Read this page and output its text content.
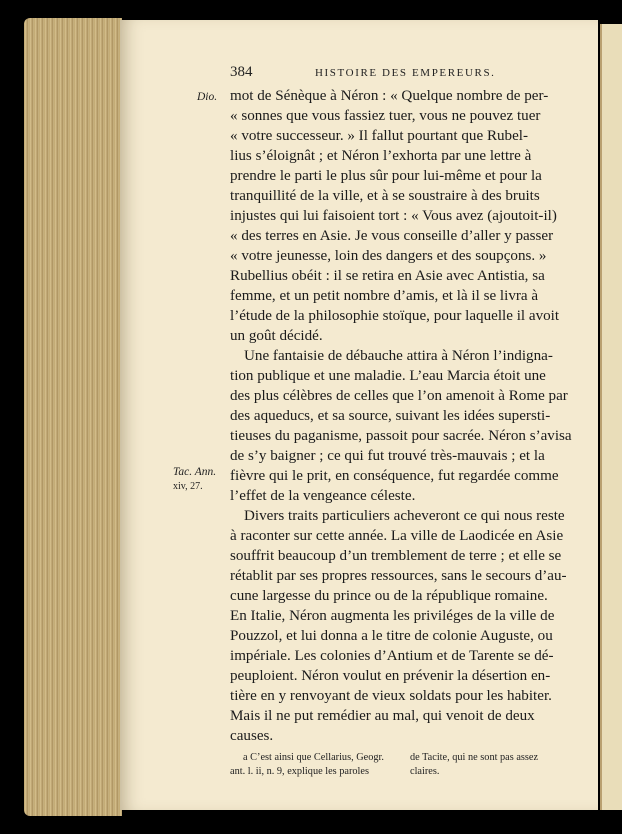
384	HISTOIRE DES EMPEREURS.
Dio.
Tac. Ann.
xiv, 27.
mot de Sénèque à Néron : « Quelque nombre de per-
« sonnes que vous fassiez tuer, vous ne pouvez tuer
« votre successeur. » Il fallut pourtant que Rubel-
lius s’éloignât ; et Néron l’exhorta par une lettre à
prendre le parti le plus sûr pour lui-même et pour la
tranquillité de la ville, et à se soustraire à des bruits
injustes qui lui faisoient tort : « Vous avez (ajoutoit-il)
« des terres en Asie. Je vous conseille d’aller y passer
« votre jeunesse, loin des dangers et des soupçons. »
Rubellius obéit : il se retira en Asie avec Antistia, sa
femme, et un petit nombre d’amis, et là il se livra à
l’étude de la philosophie stoïque, pour laquelle il avoit
un goût décidé.
Une fantaisie de débauche attira à Néron l’indigna-
tion publique et une maladie. L’eau Marcia étoit une
des plus célèbres de celles que l’on amenoit à Rome par
des aqueducs, et sa source, suivant les idées supersti-
tieuses du paganisme, passoit pour sacrée. Néron s’avisa
de s’y baigner ; ce qui fut trouvé très-mauvais ; et la
fièvre qui le prit, en conséquence, fut regardée comme
l’effet de la vengeance céleste.
Divers traits particuliers acheveront ce qui nous reste
à raconter sur cette année. La ville de Laodicée en Asie
souffrit beaucoup d’un tremblement de terre ; et elle se
rétablit par ses propres ressources, sans le secours d’au-
cune largesse du prince ou de la république romaine.
En Italie, Néron augmenta les priviléges de la ville de
Pouzzol, et lui donna a le titre de colonie Auguste, ou
impériale. Les colonies d’Antium et de Tarente se dé-
peuploient. Néron voulut en prévenir la désertion en-
tière en y renvoyant de vieux soldats pour les habiter.
Mais il ne put remédier au mal, qui venoit de deux
causes.
a C’est ainsi que Cellarius, Geogr.
ant. l. ii, n. 9, explique les paroles
de Tacite, qui ne sont pas assez
claires.
